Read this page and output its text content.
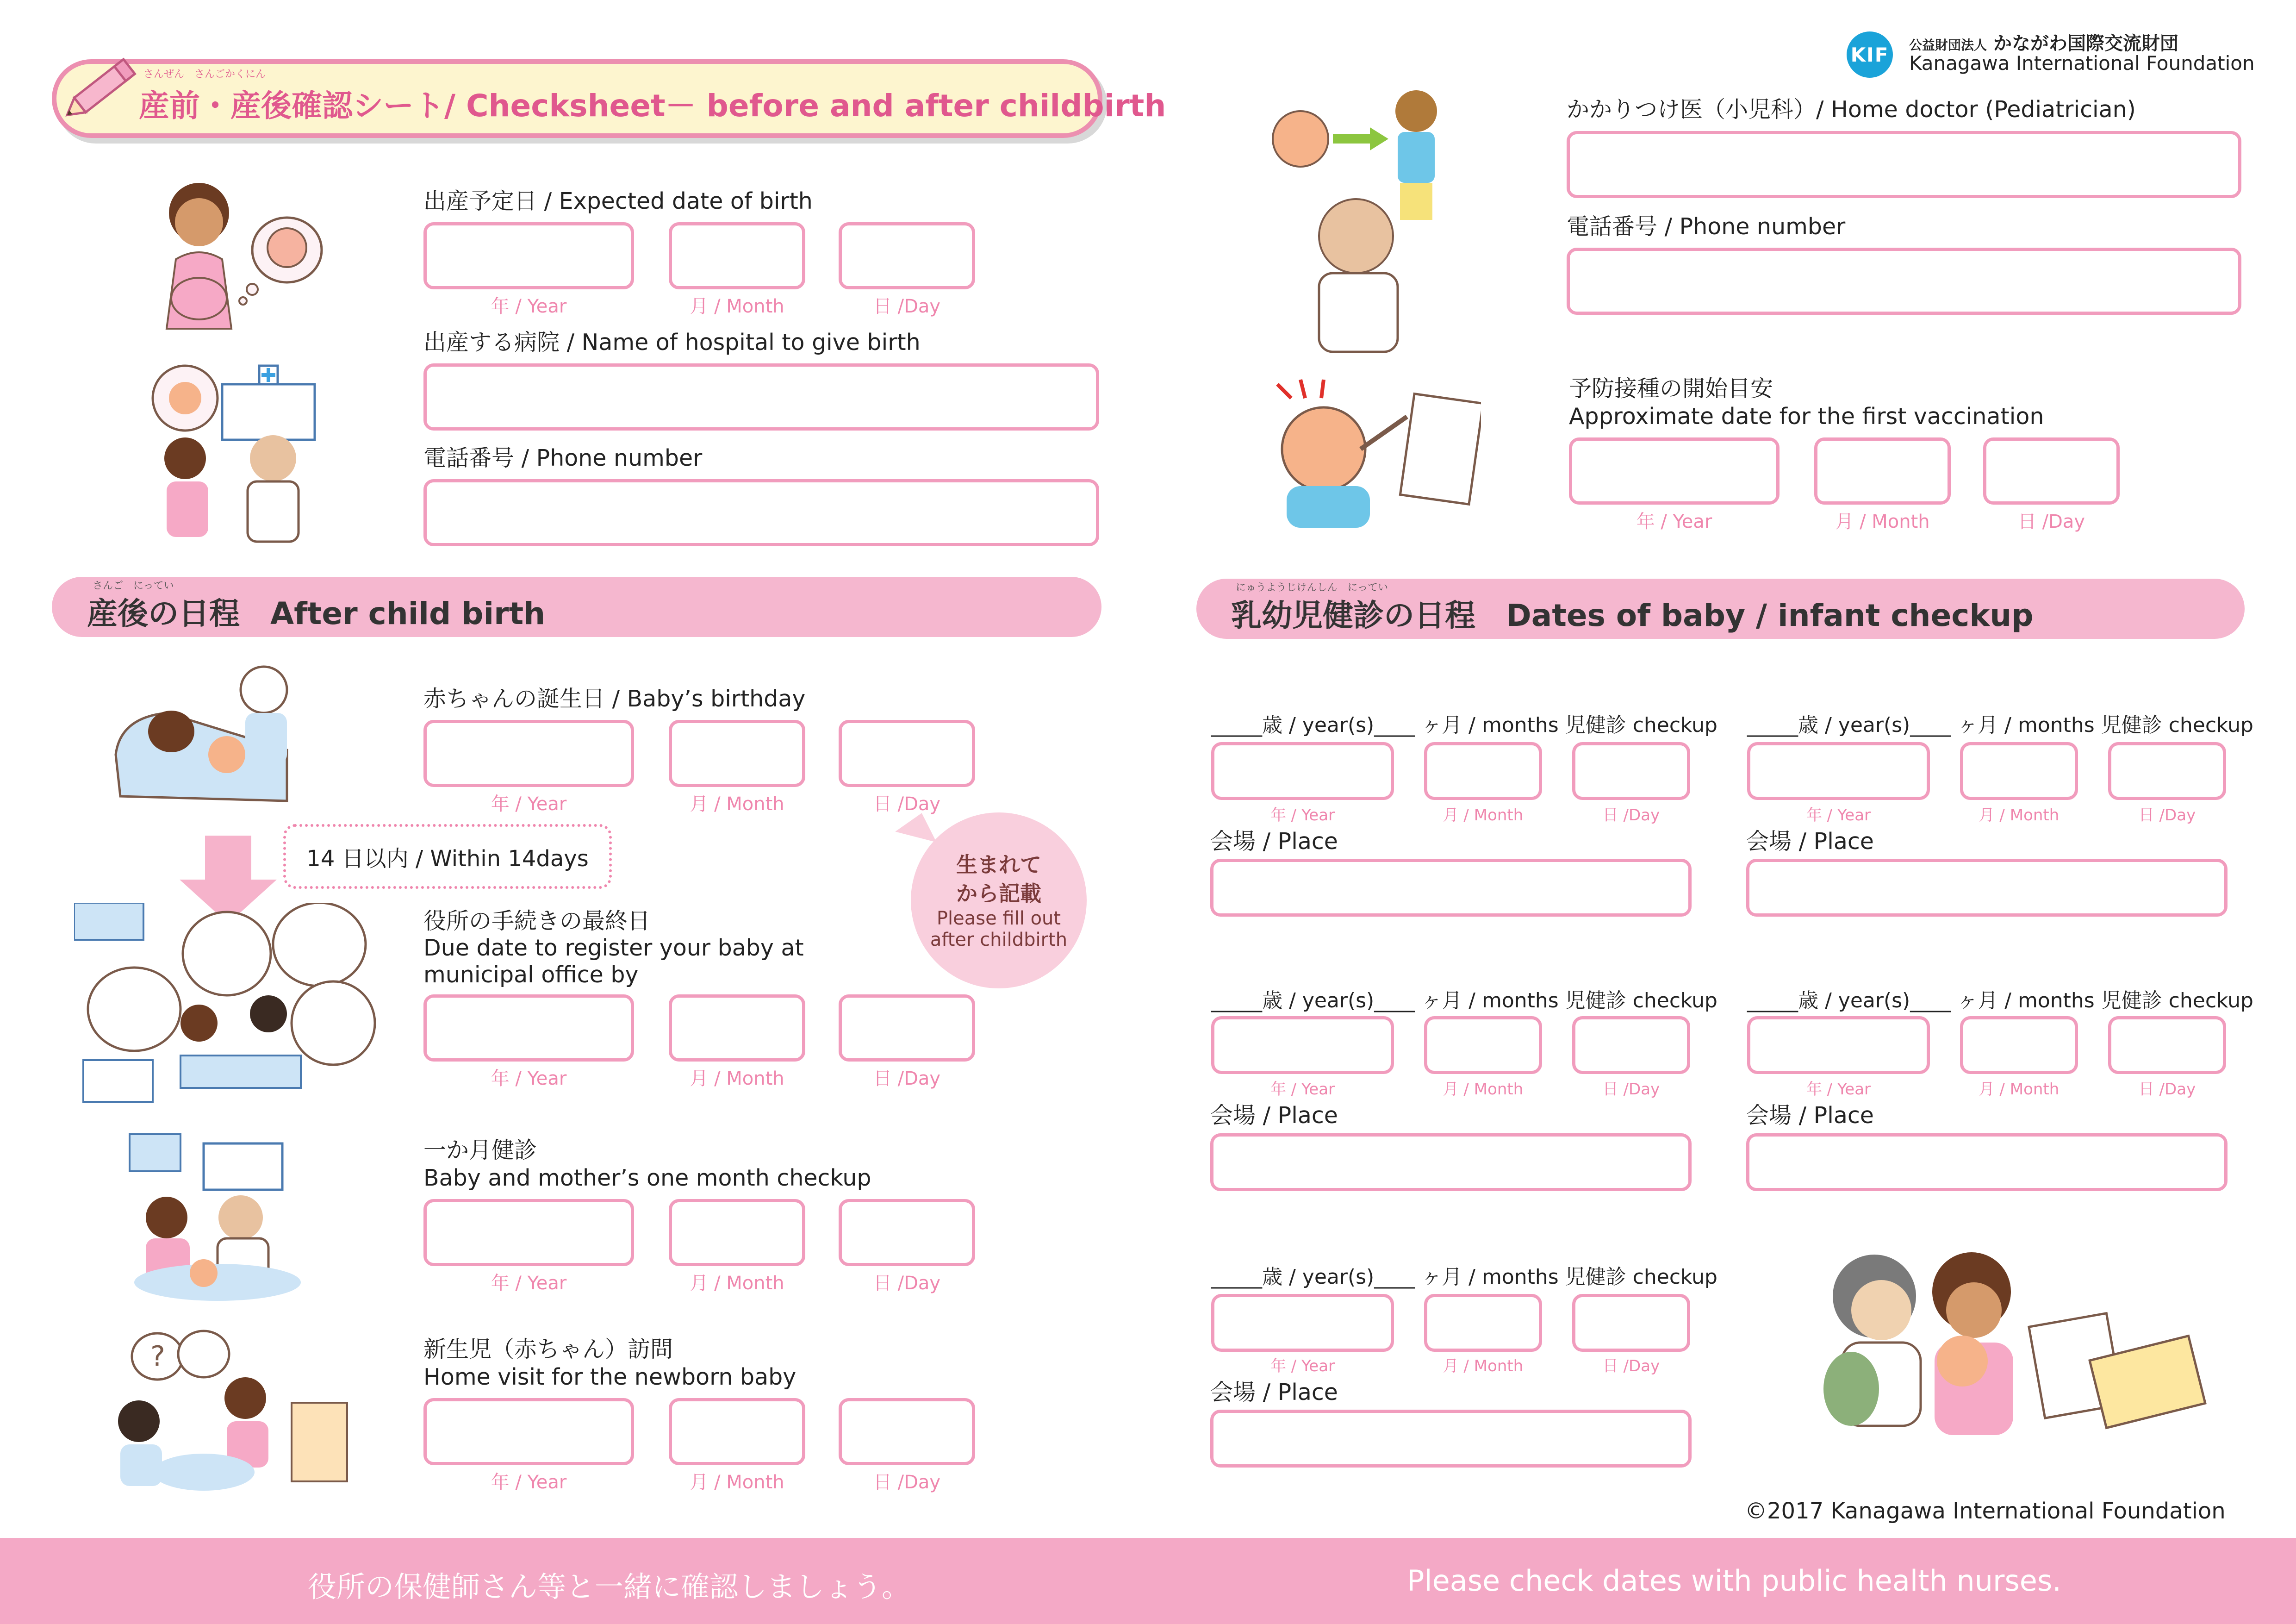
さんぜん　さんごかくにん
産前・産後確認シート/ Checksheet－ before and after childbirth
KIF	公益財団法人 かながわ国際交流財団
Kanagawa International Foundation
出産予定日 / Expected date of birth
年 / Year	月 / Month	日 /Day
出産する病院 / Name of hospital to give birth
電話番号 / Phone number
さんご　にってい
産後の日程　After child birth
赤ちゃんの誕生日 / Baby’s birthday
年 / Year	月 / Month	日 /Day
14 日以内 / Within 14days	生まれて
から記載
Please fill out
after childbirth
役所の手続きの最終日
Due date to register your baby at
municipal office by
年 / Year	月 / Month	日 /Day
一か月健診
Baby and mother’s one month checkup
年 / Year	月 / Month	日 /Day
?	新生児（赤ちゃん）訪問
Home visit for the newborn baby
年 / Year	月 / Month	日 /Day
かかりつけ医（小児科）/ Home doctor (Pediatrician)
電話番号 / Phone number
予防接種の開始目安
Approximate date for the first vaccination
年 / Year	月 / Month	日 /Day
にゅうようじけんしん　にってい
乳幼児健診の日程　Dates of baby / infant checkup
_____歳 / year(s)____ ヶ月 / months 児健診 checkup
年 / Year	月 / Month	日 /Day
会場 / Place
_____歳 / year(s)____ ヶ月 / months 児健診 checkup
年 / Year	月 / Month	日 /Day
会場 / Place
_____歳 / year(s)____ ヶ月 / months 児健診 checkup
年 / Year	月 / Month	日 /Day
会場 / Place
_____歳 / year(s)____ ヶ月 / months 児健診 checkup
年 / Year	月 / Month	日 /Day
会場 / Place
_____歳 / year(s)____ ヶ月 / months 児健診 checkup
年 / Year	月 / Month	日 /Day
会場 / Place
©2017 Kanagawa International Foundation
役所の保健師さん等と一緒に確認しましょう。	Please check dates with public health nurses.
